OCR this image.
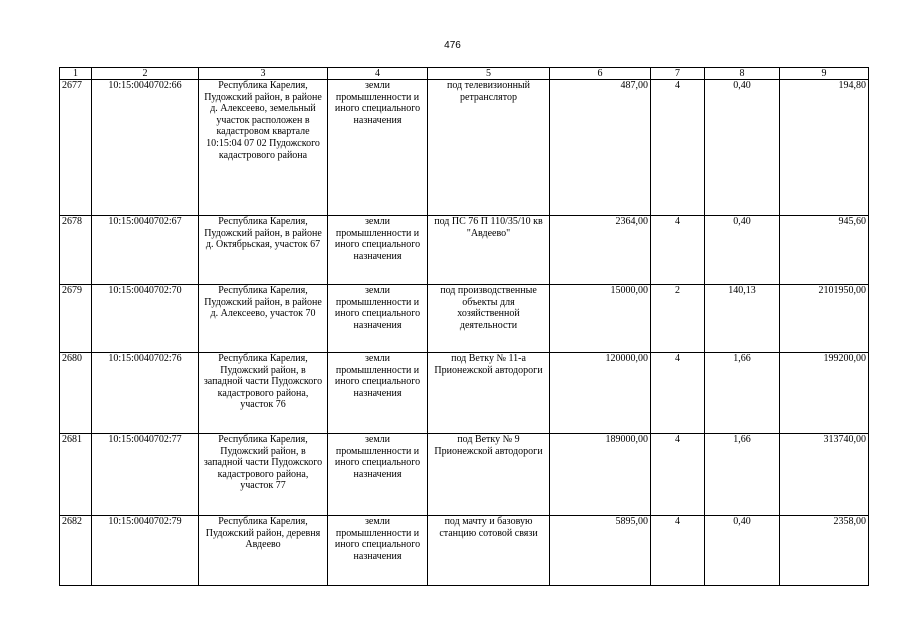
476
1	2	3	4	5	6	7	8	9
2677	10:15:0040702:66	Республика Карелия, Пудожский район, в районе д. Алексеево, земельный участок расположен в кадастровом квартале 10:15:04 07 02 Пудожского кадастрового района	земли промышленности и иного специального назначения	под телевизионный ретранслятор	487,00	4	0,40	194,80
2678	10:15:0040702:67	Республика Карелия, Пудожский район, в районе д. Октябрьская, участок 67	земли промышленности и иного специального назначения	под ПС 76 П 110/35/10 кв "Авдеево"	2364,00	4	0,40	945,60
2679	10:15:0040702:70	Республика Карелия, Пудожский район, в районе д. Алексеево, участок 70	земли промышленности и иного специального назначения	под производственные объекты для хозяйственной деятельности	15000,00	2	140,13	2101950,00
2680	10:15:0040702:76	Республика Карелия, Пудожский район, в западной части Пудожского кадастрового района, участок 76	земли промышленности и иного специального назначения	под Ветку № 11-а Прионежской автодороги	120000,00	4	1,66	199200,00
2681	10:15:0040702:77	Республика Карелия, Пудожский район, в западной части Пудожского кадастрового района, участок 77	земли промышленности и иного специального назначения	под Ветку № 9 Прионежской автодороги	189000,00	4	1,66	313740,00
2682	10:15:0040702:79	Республика Карелия, Пудожский район, деревня Авдеево	земли промышленности и иного специального назначения	под мачту и базовую станцию сотовой связи	5895,00	4	0,40	2358,00
